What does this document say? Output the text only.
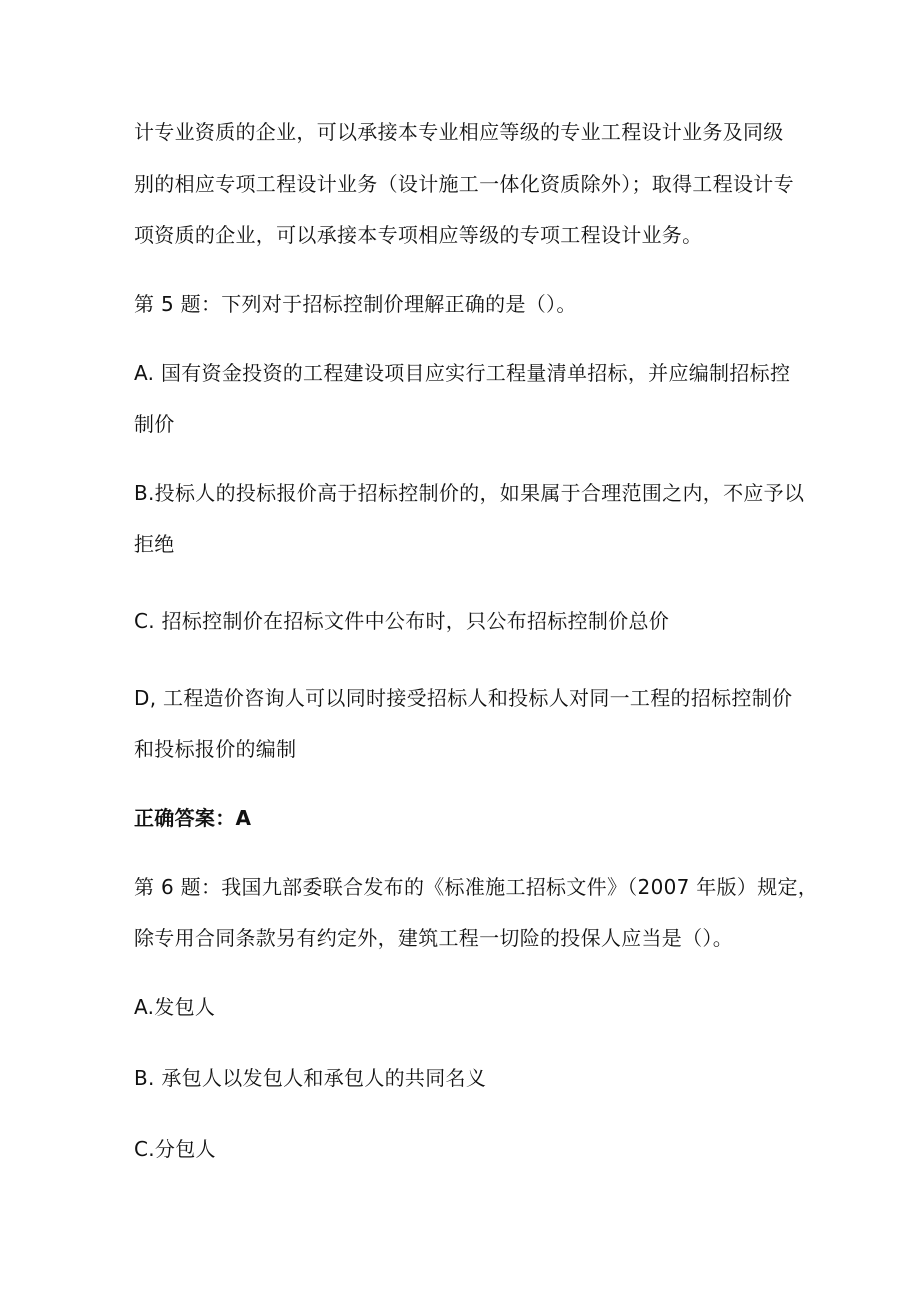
计专业资质的企业，可以承接本专业相应等级的专业工程设计业务及同级
别的相应专项工程设计业务（设计施工一体化资质除外）；取得工程设计专
项资质的企业，可以承接本专项相应等级的专项工程设计业务。
第 5 题：下列对于招标控制价理解正确的是（）。
A. 国有资金投资的工程建设项目应实行工程量清单招标，并应编制招标控
制价
B.投标人的投标报价高于招标控制价的，如果属于合理范围之内，不应予以
拒绝
C. 招标控制价在招标文件中公布时，只公布招标控制价总价
D, 工程造价咨询人可以同时接受招标人和投标人对同一工程的招标控制价
和投标报价的编制
正确答案：A
第 6 题：我国九部委联合发布的《标准施工招标文件》（2007 年版）规定，
除专用合同条款另有约定外，建筑工程一切险的投保人应当是（）。
A.发包人
B. 承包人以发包人和承包人的共同名义
C.分包人
